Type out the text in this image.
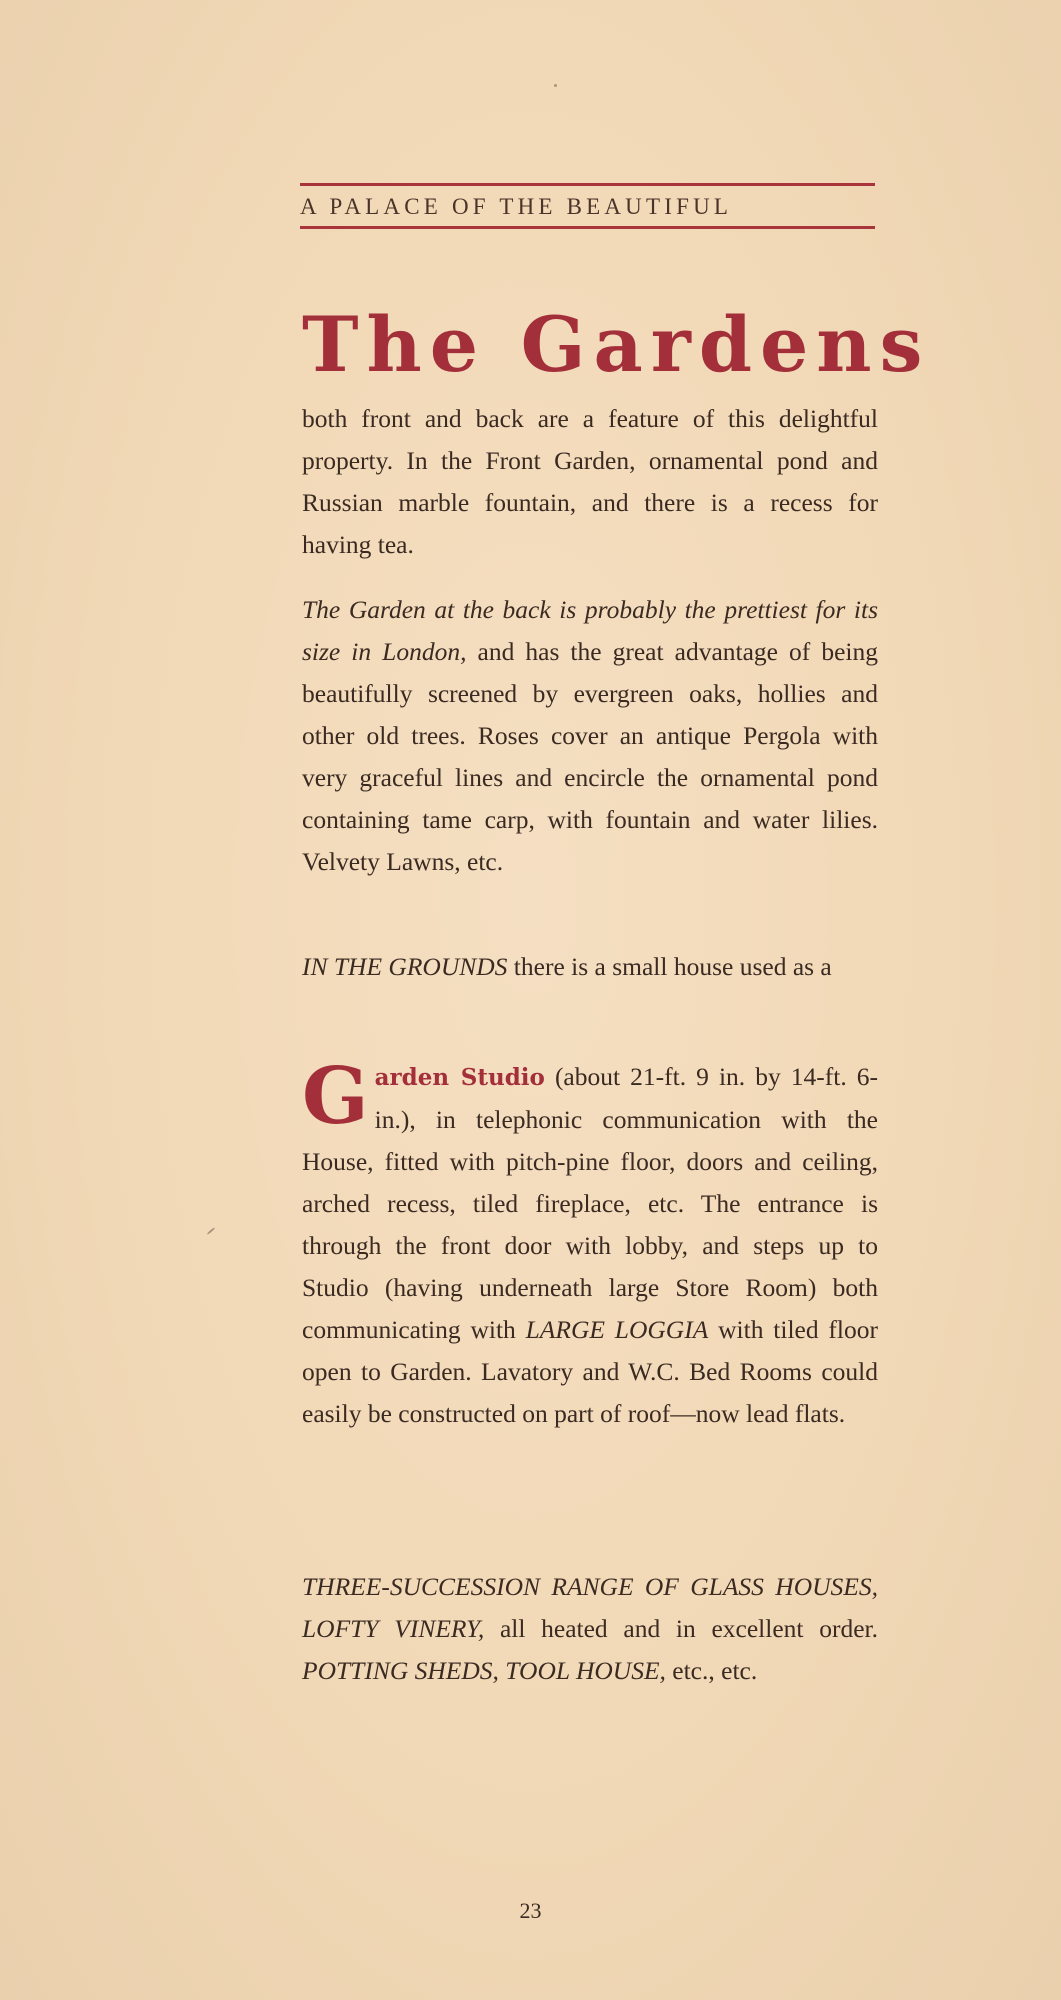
A PALACE OF THE BEAUTIFUL
The Gardens

both front and back are a feature of this delightful property. In the Front Garden, ornamental pond and Russian marble fountain, and there is a recess for having tea.

The Garden at the back is probably the prettiest for its size in London, and has the great advantage of being beautifully screened by evergreen oaks, hollies and other old trees. Roses cover an antique Pergola with very graceful lines and encircle the ornamental pond containing tame carp, with fountain and water lilies. Velvety Lawns, etc.

IN THE GROUNDS there is a small house used as a

Garden Studio (about 21-ft. 9 in. by 14-ft. 6-in.), in telephonic communication with the House, fitted with pitch-pine floor, doors and ceiling, arched recess, tiled fireplace, etc. The entrance is through the front door with lobby, and steps up to Studio (having underneath large Store Room) both communicating with LARGE LOGGIA with tiled floor open to Garden. Lavatory and W.C. Bed Rooms could easily be constructed on part of roof—now lead flats.

THREE-SUCCESSION RANGE OF GLASS HOUSES, LOFTY VINERY, all heated and in excellent order. POTTING SHEDS, TOOL HOUSE, etc., etc.

23
